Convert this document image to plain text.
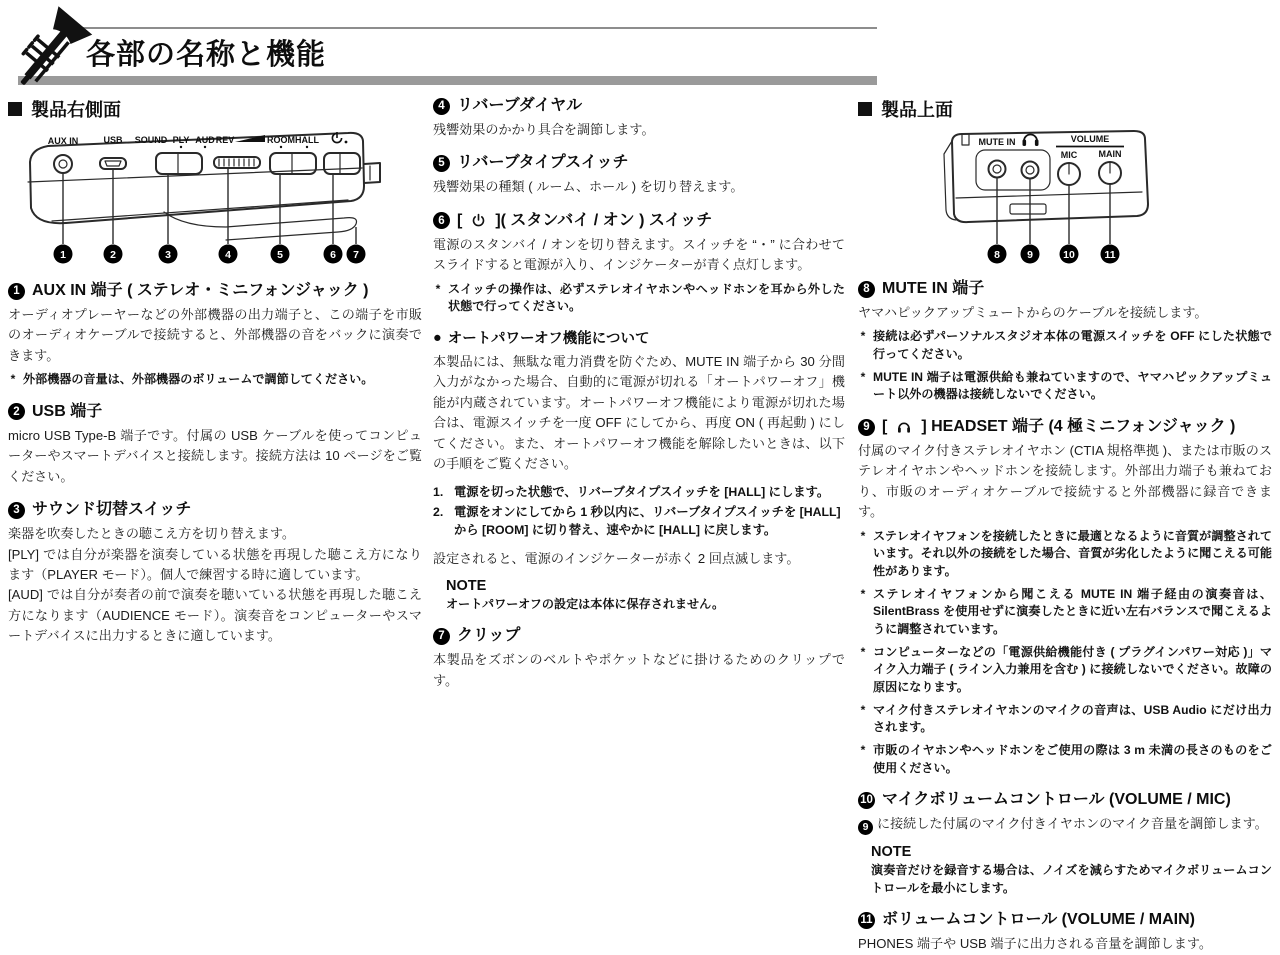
各部の名称と機能
製品右側面
AUX IN	USB SOUND PLY AUD REV	ROOM HALL
1	2	3	4	5	6 7
1 AUX IN 端子 ( ステレオ・ミニフォンジャック )
オーディオプレーヤーなどの外部機器の出力端子と、この端子を市販のオーディオケーブルで接続すると、外部機器の音をバックに演奏できます。
* 外部機器の音量は、外部機器のボリュームで調節してください。
2 USB 端子
micro USB Type-B 端子です。付属の USB ケーブルを使ってコンピューターやスマートデバイスと接続します。接続方法は 10 ページをご覧ください。
3 サウンド切替スイッチ
楽器を吹奏したときの聴こえ方を切り替えます。
[PLY] では自分が楽器を演奏している状態を再現した聴こえ方になります（PLAYER モード）。個人で練習する時に適しています。
[AUD] では自分が奏者の前で演奏を聴いている状態を再現した聴こえ方になります（AUDIENCE モード）。演奏音をコンピューターやスマートデバイスに出力するときに適しています。
4 リバーブダイヤル
残響効果のかかり具合を調節します。
5 リバーブタイプスイッチ
残響効果の種類 ( ルーム、ホール ) を切り替えます。
6 [ ]( スタンバイ / オン ) スイッチ
電源のスタンバイ / オンを切り替えます。スイッチを “・” に合わせてスライドすると電源が入り、インジケーターが青く点灯します。
* スイッチの操作は、必ずステレオイヤホンやヘッドホンを耳から外した状態で行ってください。
● オートパワーオフ機能について
本製品には、無駄な電力消費を防ぐため、MUTE IN 端子から 30 分間入力がなかった場合、自動的に電源が切れる「オートパワーオフ」機能が内蔵されています。オートパワーオフ機能により電源が切れた場合は、電源スイッチを一度 OFF にしてから、再度 ON ( 再起動 ) にしてください。また、オートパワーオフ機能を解除したいときは、以下の手順をご覧ください。
1. 電源を切った状態で、リバーブタイプスイッチを [HALL] にします。
2. 電源をオンにしてから 1 秒以内に、リバーブタイプスイッチを [HALL] から [ROOM] に切り替え、速やかに [HALL] に戻します。
設定されると、電源のインジケーターが赤く 2 回点滅します。
NOTE
オートパワーオフの設定は本体に保存されません。
7 クリップ
本製品をズボンのベルトやポケットなどに掛けるためのクリップです。
製品上面
MUTE IN	VOLUME
MIC MAIN
8	9	10	11
8 MUTE IN 端子
ヤマハピックアップミュートからのケーブルを接続します。
* 接続は必ずパーソナルスタジオ本体の電源スイッチを OFF にした状態で行ってください。
* MUTE IN 端子は電源供給も兼ねていますので、ヤマハピックアップミュート以外の機器は接続しないでください。
9 [ ] HEADSET 端子 (4 極ミニフォンジャック )
付属のマイク付きステレオイヤホン (CTIA 規格準拠 )、または市販のステレオイヤホンやヘッドホンを接続します。外部出力端子も兼ねており、市販のオーディオケーブルで接続すると外部機器に録音できます。
* ステレオイヤフォンを接続したときに最適となるように音質が調整されています。それ以外の接続をした場合、音質が劣化したように聞こえる可能性があります。
* ステレオイヤフォンから聞こえる MUTE IN 端子経由の演奏音は、SilentBrass を使用せずに演奏したときに近い左右バランスで聞こえるように調整されています。
* コンピューターなどの「電源供給機能付き ( プラグインパワー対応 )」マイク入力端子 ( ライン入力兼用を含む ) に接続しないでください。故障の原因になります。
* マイク付きステレオイヤホンのマイクの音声は、USB Audio にだけ出力されます。
* 市販のイヤホンやヘッドホンをご使用の際は 3 m 未満の長さのものをご使用ください。
10 マイクボリュームコントロール (VOLUME / MIC)
9 に接続した付属のマイク付きイヤホンのマイク音量を調節します。
NOTE
演奏音だけを録音する場合は、ノイズを減らすためマイクボリュームコントロールを最小にします。
11 ボリュームコントロール (VOLUME / MAIN)
PHONES 端子や USB 端子に出力される音量を調節します。
